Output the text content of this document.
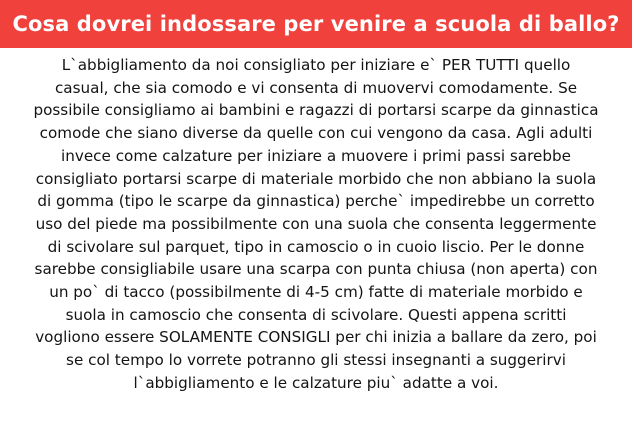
Cosa dovrei indossare per venire a scuola di ballo?
L`abbigliamento da noi consigliato per iniziare e` PER TUTTI quello
casual, che sia comodo e vi consenta di muovervi comodamente. Se
possibile consigliamo ai bambini e ragazzi di portarsi scarpe da ginnastica
comode che siano diverse da quelle con cui vengono da casa. Agli adulti
invece come calzature per iniziare a muovere i primi passi sarebbe
consigliato portarsi scarpe di materiale morbido che non abbiano la suola
di gomma (tipo le scarpe da ginnastica) perche` impedirebbe un corretto
uso del piede ma possibilmente con una suola che consenta leggermente
di scivolare sul parquet, tipo in camoscio o in cuoio liscio. Per le donne
sarebbe consigliabile usare una scarpa con punta chiusa (non aperta) con
un po` di tacco (possibilmente di 4-5 cm) fatte di materiale morbido e
suola in camoscio che consenta di scivolare. Questi appena scritti
vogliono essere SOLAMENTE CONSIGLI per chi inizia a ballare da zero, poi
se col tempo lo vorrete potranno gli stessi insegnanti a suggerirvi
l`abbigliamento e le calzature piu` adatte a voi.
